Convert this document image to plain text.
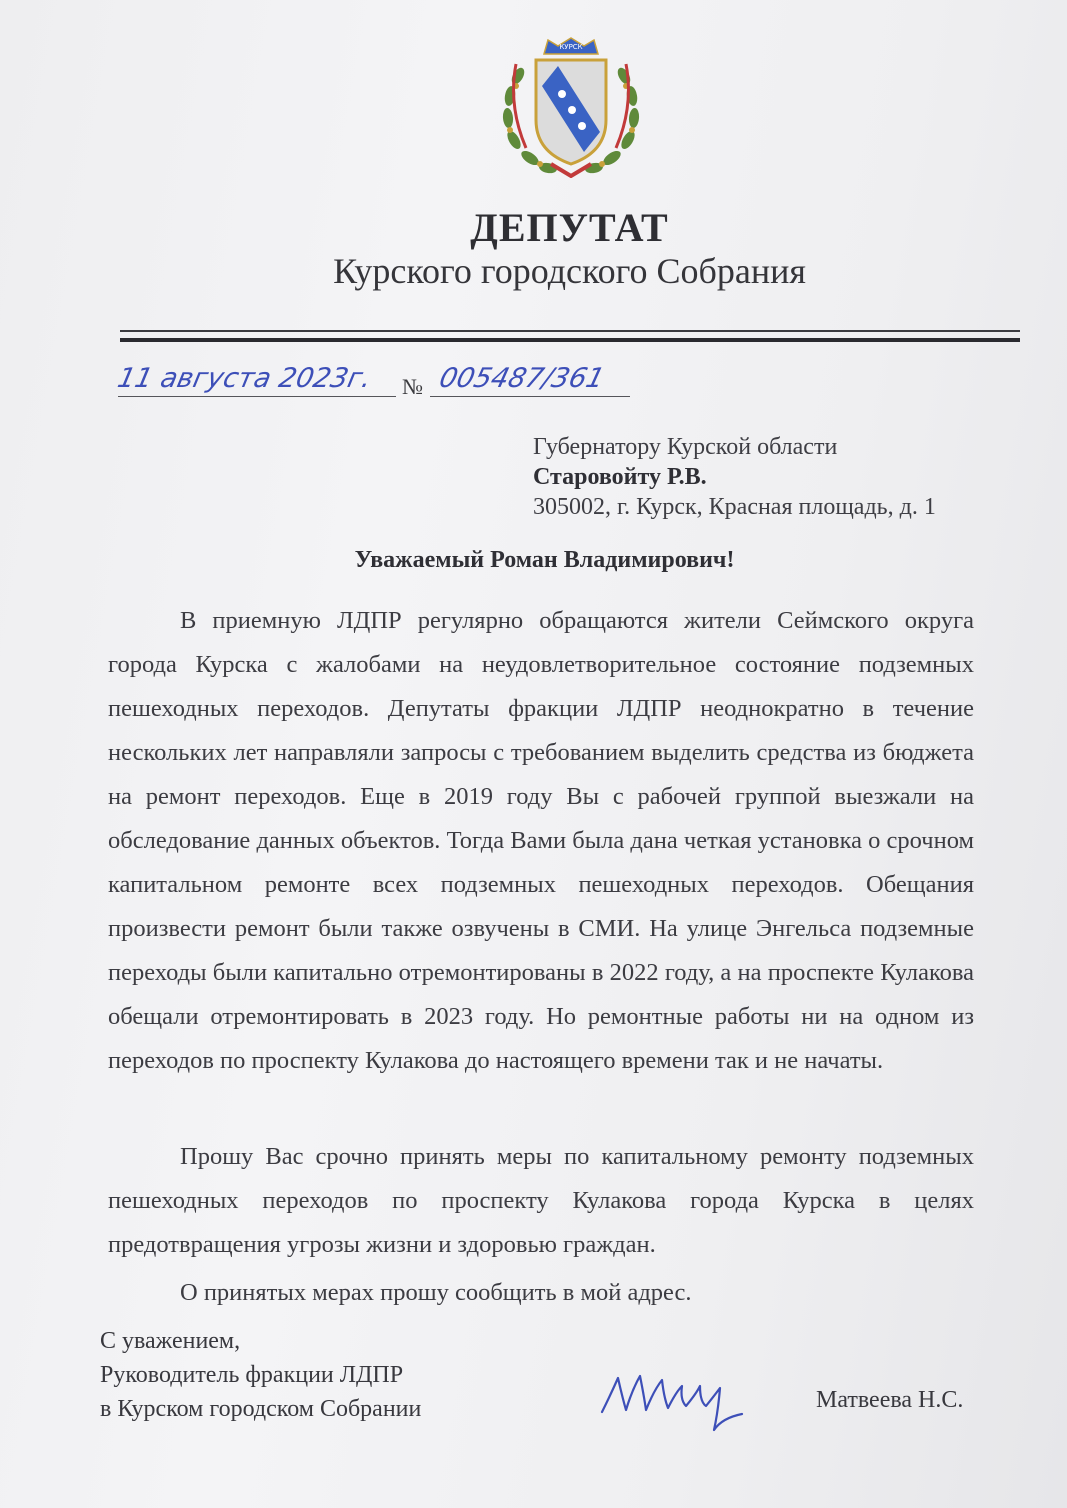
КУРСК
ДЕПУТАТ
Курского городского Собрания
11 августа 2023г.	№ 005487/361
Губернатору Курской области
Старовойту Р.В.
305002, г. Курск, Красная площадь, д. 1
Уважаемый Роман Владимирович!

В приемную ЛДПР регулярно обращаются жители Сеймского округа города Курска с жалобами на неудовлетворительное состояние подземных пешеходных переходов. Депутаты фракции ЛДПР неоднократно в течение нескольких лет направляли запросы с требованием выделить средства из бюджета на ремонт переходов. Еще в 2019 году Вы с рабочей группой выезжали на обследование данных объектов. Тогда Вами была дана четкая установка о срочном капитальном ремонте всех подземных пешеходных переходов. Обещания произвести ремонт были также озвучены в СМИ. На улице Энгельса подземные переходы были капитально отремонтированы в 2022 году, а на проспекте Кулакова обещали отремонтировать в 2023 году. Но ремонтные работы ни на одном из переходов по проспекту Кулакова до настоящего времени так и не начаты.

Прошу Вас срочно принять меры по капитальному ремонту подземных пешеходных переходов по проспекту Кулакова города Курска в целях предотвращения угрозы жизни и здоровью граждан.

О принятых мерах прошу сообщить в мой адрес.

С уважением,
Руководитель фракции ЛДПР
в Курском городском Собрании	Матвеева Н.С.
